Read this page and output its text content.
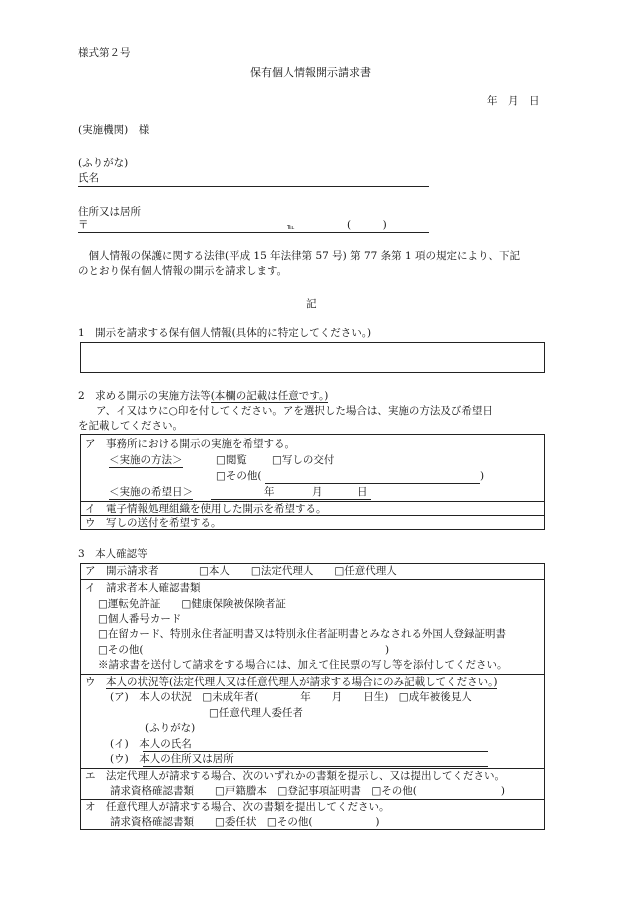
様式第２号
保有個人情報開示請求書
年　月　日
(実施機関)　様
(ふりがな)
氏名
住所又は居所
〒	℡	(　　　)
　個人情報の保護に関する法律(平成 15 年法律第 57 号) 第 77 条第 1 項の規定により、下記
のとおり保有個人情報の開示を請求します。
記
1　開示を請求する保有個人情報(具体的に特定してください。)
2　求める開示の実施方法等(本欄の記載は任意です。)
ア、イ又はウに○印を付してください。アを選択した場合は、実施の方法及び希望日
を記載してください。
ア　事務所における開示の実施を希望する。
＜実施の方法＞	□閲覧 □写しの交付
□その他(	)
＜実施の希望日＞	年	月	日
イ　電子情報処理組織を使用した開示を希望する。
ウ　写しの送付を希望する。
3　本人確認等
ア　開示請求者	□本人　　□法定代理人　　□任意代理人
イ　請求者本人確認書類
□運転免許証　　□健康保険被保険者証
□個人番号カード
□在留カード、特別永住者証明書又は特別永住者証明書とみなされる外国人登録証明書
□その他(　　　　　　　　　　　　　　　　　　　　　　　)
※請求書を送付して請求をする場合には、加えて住民票の写し等を添付してください。
ウ　本人の状況等(法定代理人又は任意代理人が請求する場合にのみ記載してください。)
(ア)　本人の状況　□未成年者(　　　　年　　月　　日生)　□成年被後見人
□任意代理人委任者
(ふりがな)
(イ)　本人の氏名
(ウ)　本人の住所又は居所
エ　法定代理人が請求する場合、次のいずれかの書類を提示し、又は提出してください。
請求資格確認書類　　□戸籍謄本　□登記事項証明書　□その他(　　　　　　　　)
オ　任意代理人が請求する場合、次の書類を提出してください。
請求資格確認書類　　□委任状　□その他(　　　　　　)
